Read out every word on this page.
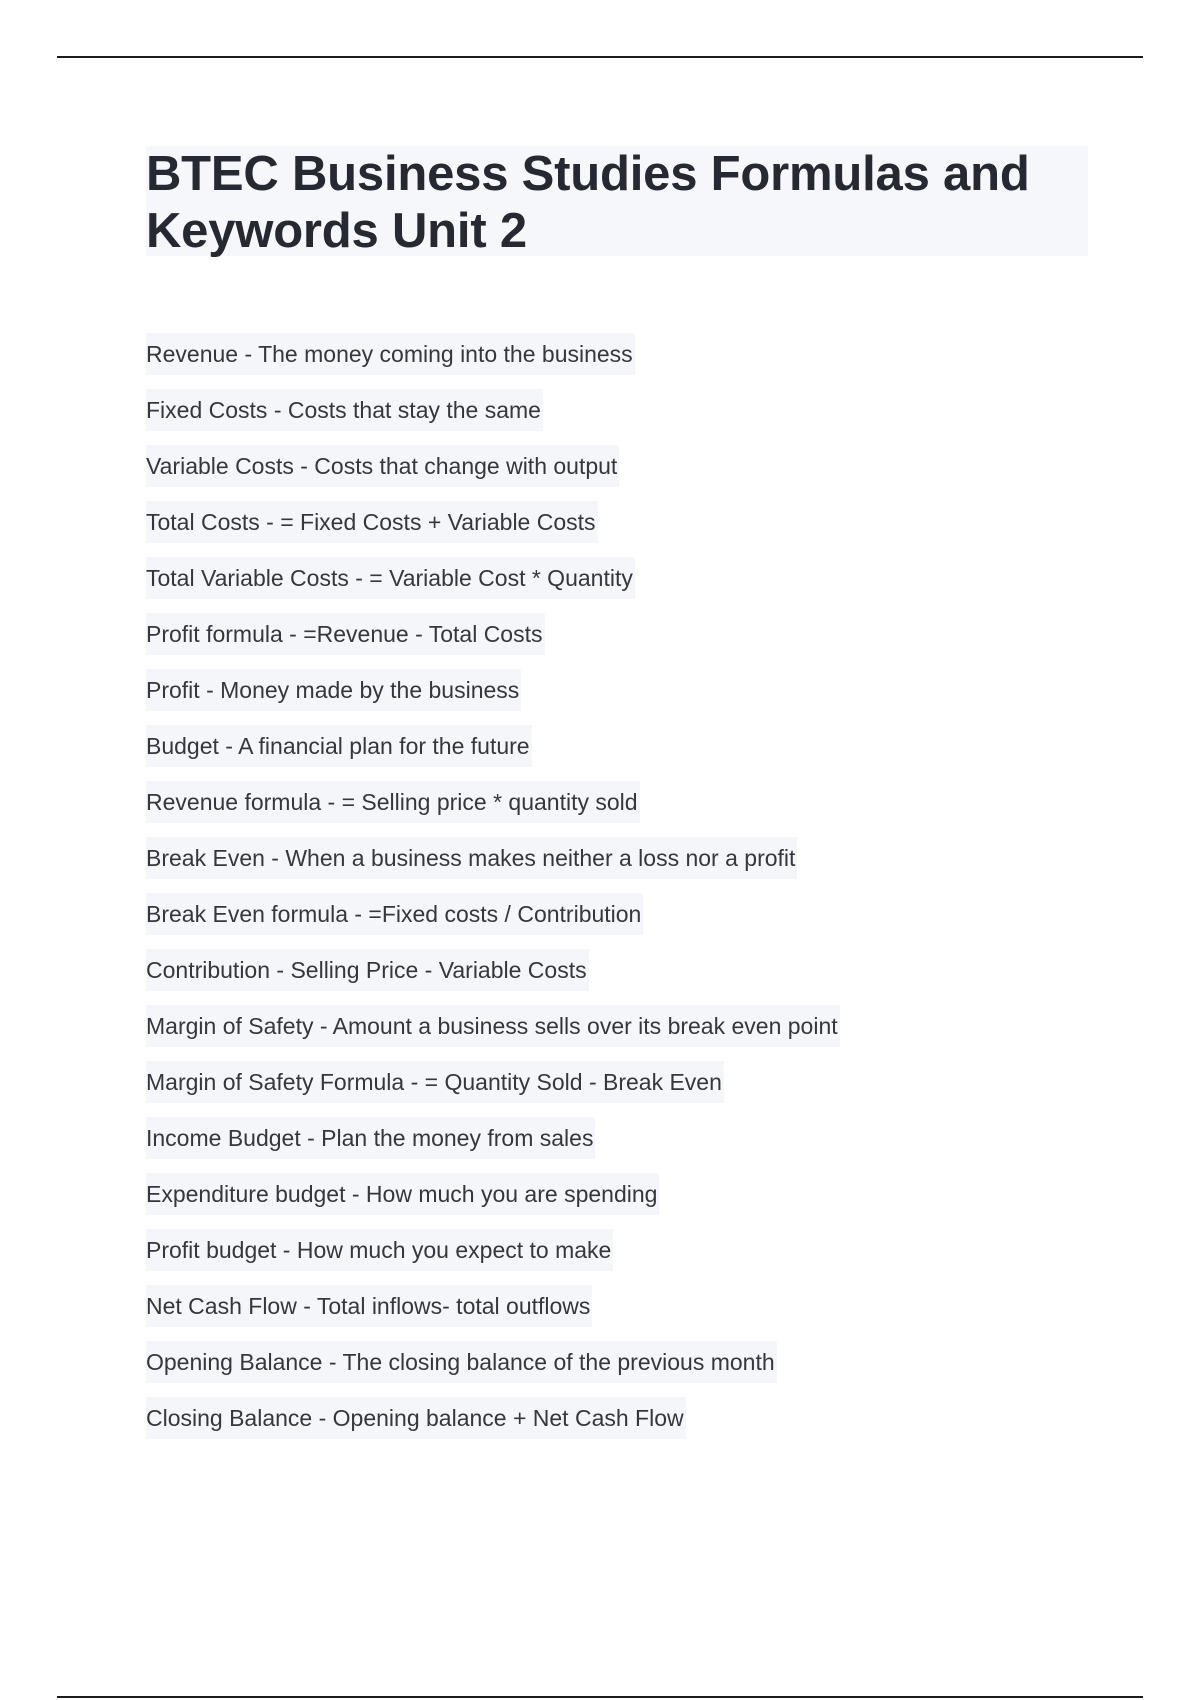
BTEC Business Studies Formulas and Keywords Unit 2
Revenue - The money coming into the business
Fixed Costs - Costs that stay the same
Variable Costs - Costs that change with output
Total Costs - = Fixed Costs + Variable Costs
Total Variable Costs - = Variable Cost * Quantity
Profit formula - =Revenue - Total Costs
Profit - Money made by the business
Budget - A financial plan for the future
Revenue formula - = Selling price * quantity sold
Break Even - When a business makes neither a loss nor a profit
Break Even formula - =Fixed costs / Contribution
Contribution - Selling Price - Variable Costs
Margin of Safety - Amount a business sells over its break even point
Margin of Safety Formula - = Quantity Sold - Break Even
Income Budget - Plan the money from sales
Expenditure budget - How much you are spending
Profit budget - How much you expect to make
Net Cash Flow - Total inflows- total outflows
Opening Balance - The closing balance of the previous month
Closing Balance - Opening balance + Net Cash Flow
